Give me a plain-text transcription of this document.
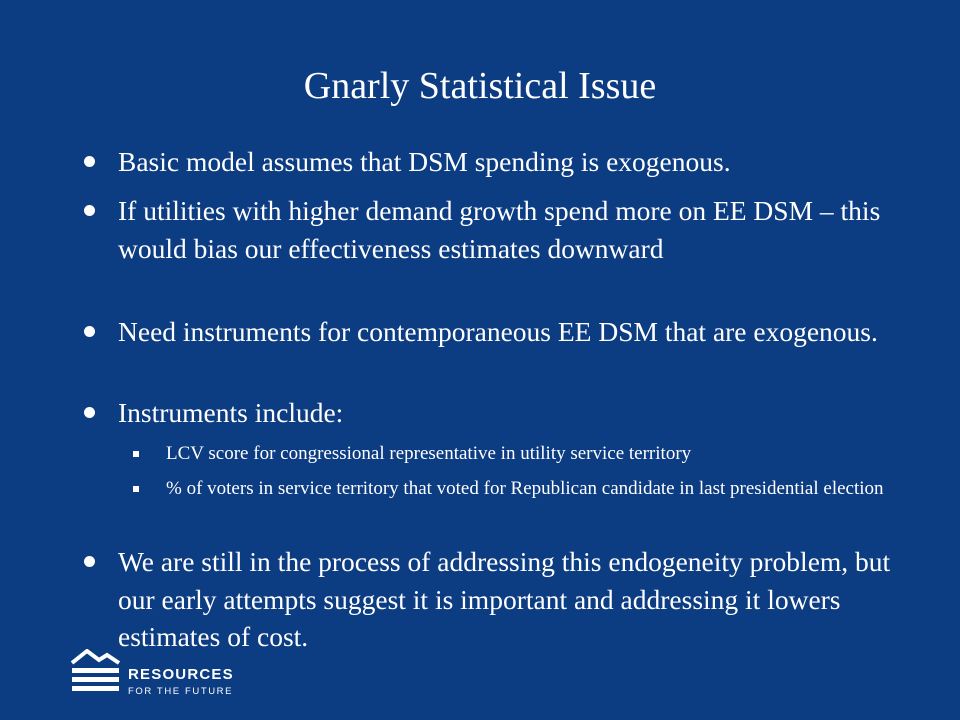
Gnarly Statistical Issue
Basic model assumes that DSM spending is exogenous.
If utilities with higher demand growth spend more on EE DSM – this would bias our effectiveness estimates downward
Need instruments for contemporaneous EE DSM that are exogenous.
Instruments include:
LCV score for congressional representative in utility service territory
% of voters in service territory that voted for Republican candidate in last presidential election
We are still in the process of addressing this endogeneity problem, but our early attempts suggest it is important and addressing it lowers estimates of cost.
RESOURCES
FOR THE FUTURE
